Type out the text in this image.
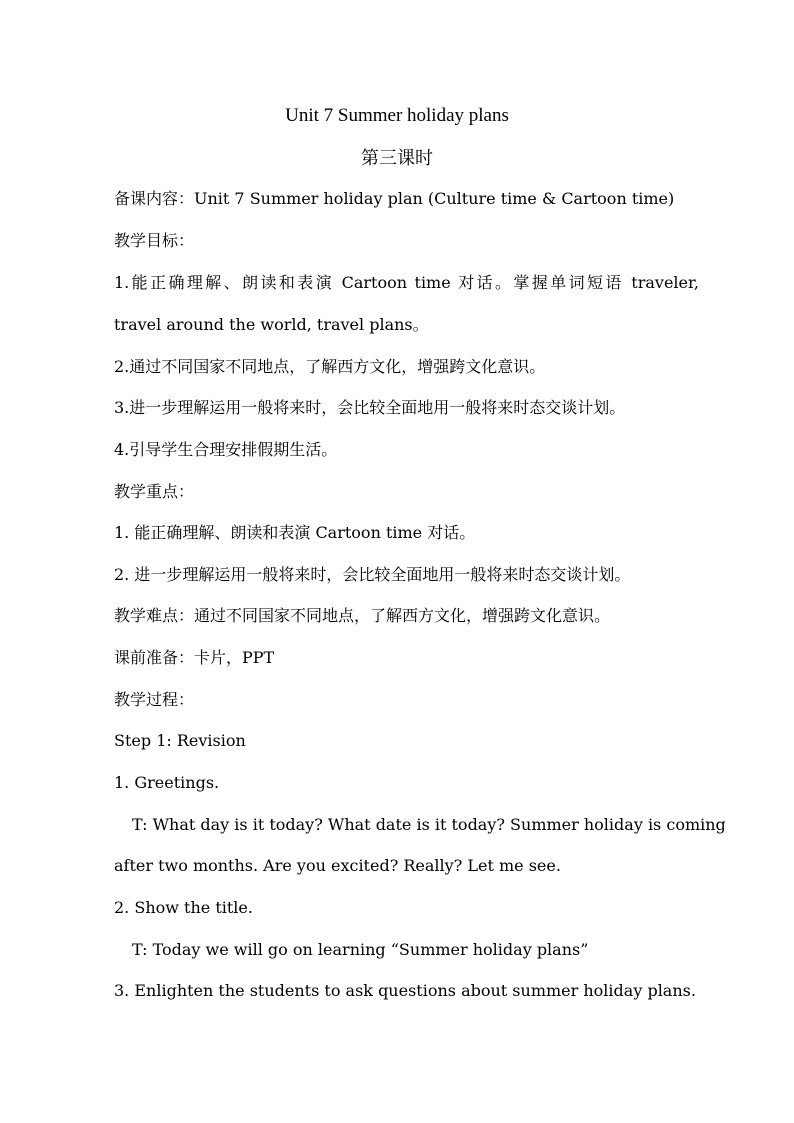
Unit 7 Summer holiday plans
第三课时
备课内容：Unit 7 Summer holiday plan (Culture time & Cartoon time)
教学目标：
1.能正确理解、朗读和表演 Cartoon time 对话。掌握单词短语 traveler,
travel around the world, travel plans。
2.通过不同国家不同地点，了解西方文化，增强跨文化意识。
3.进一步理解运用一般将来时，会比较全面地用一般将来时态交谈计划。
4.引导学生合理安排假期生活。
教学重点：
1. 能正确理解、朗读和表演 Cartoon time 对话。
2. 进一步理解运用一般将来时，会比较全面地用一般将来时态交谈计划。
教学难点：通过不同国家不同地点，了解西方文化，增强跨文化意识。
课前准备：卡片，PPT
教学过程：
Step 1: Revision
1. Greetings.
T: What day is it today? What date is it today? Summer holiday is coming
after two months. Are you excited? Really? Let me see.
2. Show the title.
T: Today we will go on learning “Summer holiday plans”
3. Enlighten the students to ask questions about summer holiday plans.
